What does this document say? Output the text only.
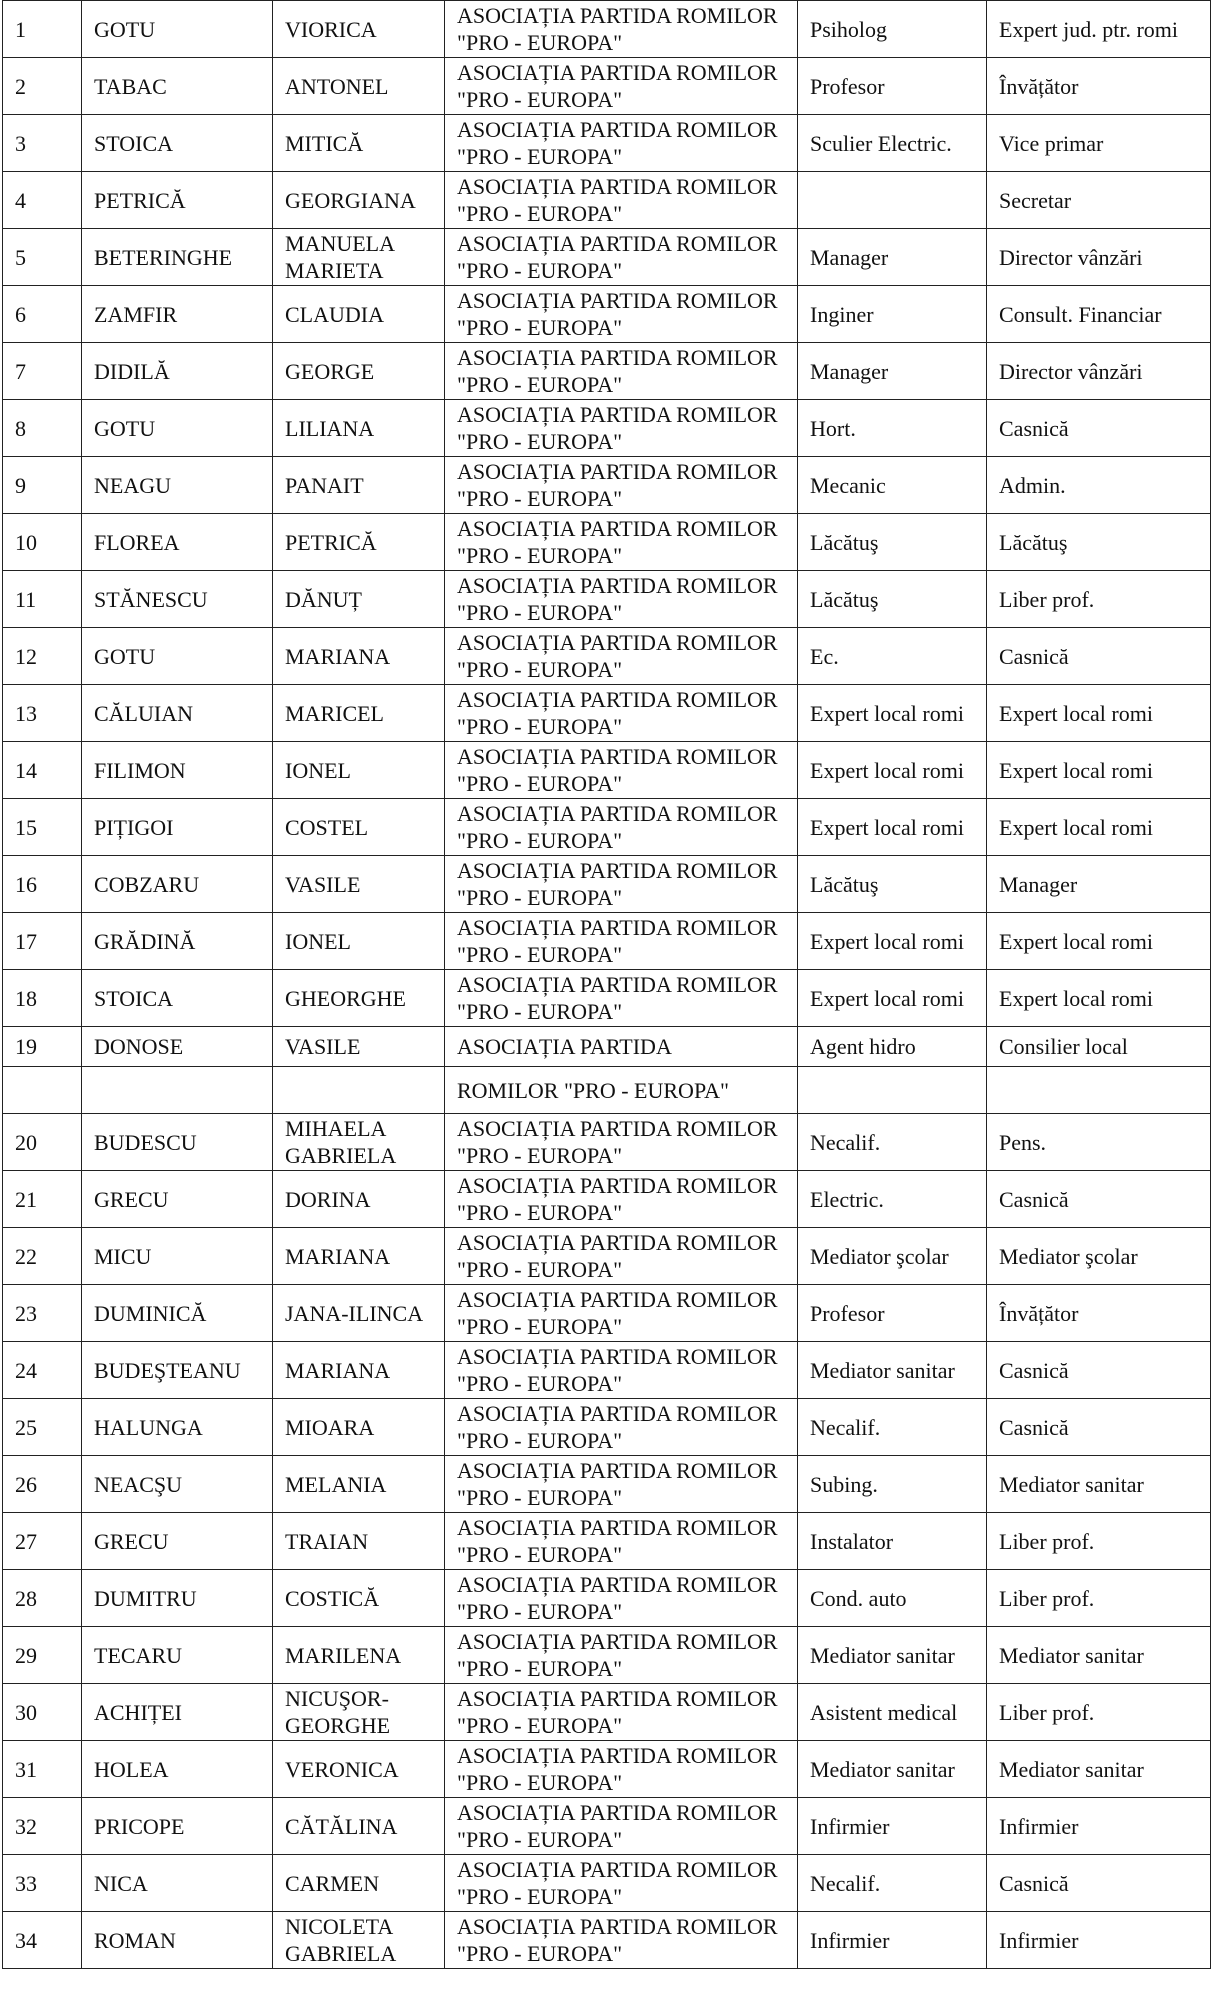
1	GOTU	VIORICA	ASOCIAȚIA PARTIDA ROMILOR "PRO - EUROPA"	Psiholog	Expert jud. ptr. romi
2	TABAC	ANTONEL	ASOCIAȚIA PARTIDA ROMILOR "PRO - EUROPA"	Profesor	Învățător
3	STOICA	MITICĂ	ASOCIAȚIA PARTIDA ROMILOR "PRO - EUROPA"	Sculier Electric.	Vice primar
4	PETRICĂ	GEORGIANA	ASOCIAȚIA PARTIDA ROMILOR "PRO - EUROPA"		Secretar
5	BETERINGHE	MANUELA MARIETA	ASOCIAȚIA PARTIDA ROMILOR "PRO - EUROPA"	Manager	Director vânzări
6	ZAMFIR	CLAUDIA	ASOCIAȚIA PARTIDA ROMILOR "PRO - EUROPA"	Inginer	Consult. Financiar
7	DIDILĂ	GEORGE	ASOCIAȚIA PARTIDA ROMILOR "PRO - EUROPA"	Manager	Director vânzări
8	GOTU	LILIANA	ASOCIAȚIA PARTIDA ROMILOR "PRO - EUROPA"	Hort.	Casnică
9	NEAGU	PANAIT	ASOCIAȚIA PARTIDA ROMILOR "PRO - EUROPA"	Mecanic	Admin.
10	FLOREA	PETRICĂ	ASOCIAȚIA PARTIDA ROMILOR "PRO - EUROPA"	Lăcătuş	Lăcătuş
11	STĂNESCU	DĂNUȚ	ASOCIAȚIA PARTIDA ROMILOR "PRO - EUROPA"	Lăcătuş	Liber prof.
12	GOTU	MARIANA	ASOCIAȚIA PARTIDA ROMILOR "PRO - EUROPA"	Ec.	Casnică
13	CĂLUIAN	MARICEL	ASOCIAȚIA PARTIDA ROMILOR "PRO - EUROPA"	Expert local romi	Expert local romi
14	FILIMON	IONEL	ASOCIAȚIA PARTIDA ROMILOR "PRO - EUROPA"	Expert local romi	Expert local romi
15	PIȚIGOI	COSTEL	ASOCIAȚIA PARTIDA ROMILOR "PRO - EUROPA"	Expert local romi	Expert local romi
16	COBZARU	VASILE	ASOCIAȚIA PARTIDA ROMILOR "PRO - EUROPA"	Lăcătuş	Manager
17	GRĂDINĂ	IONEL	ASOCIAȚIA PARTIDA ROMILOR "PRO - EUROPA"	Expert local romi	Expert local romi
18	STOICA	GHEORGHE	ASOCIAȚIA PARTIDA ROMILOR "PRO - EUROPA"	Expert local romi	Expert local romi
19	DONOSE	VASILE	ASOCIAȚIA PARTIDA	Agent hidro	Consilier local
			ROMILOR "PRO - EUROPA"		
20	BUDESCU	MIHAELA GABRIELA	ASOCIAȚIA PARTIDA ROMILOR "PRO - EUROPA"	Necalif.	Pens.
21	GRECU	DORINA	ASOCIAȚIA PARTIDA ROMILOR "PRO - EUROPA"	Electric.	Casnică
22	MICU	MARIANA	ASOCIAȚIA PARTIDA ROMILOR "PRO - EUROPA"	Mediator şcolar	Mediator şcolar
23	DUMINICĂ	JANA-ILINCA	ASOCIAȚIA PARTIDA ROMILOR "PRO - EUROPA"	Profesor	Învățător
24	BUDEŞTEANU	MARIANA	ASOCIAȚIA PARTIDA ROMILOR "PRO - EUROPA"	Mediator sanitar	Casnică
25	HALUNGA	MIOARA	ASOCIAȚIA PARTIDA ROMILOR "PRO - EUROPA"	Necalif.	Casnică
26	NEACŞU	MELANIA	ASOCIAȚIA PARTIDA ROMILOR "PRO - EUROPA"	Subing.	Mediator sanitar
27	GRECU	TRAIAN	ASOCIAȚIA PARTIDA ROMILOR "PRO - EUROPA"	Instalator	Liber prof.
28	DUMITRU	COSTICĂ	ASOCIAȚIA PARTIDA ROMILOR "PRO - EUROPA"	Cond. auto	Liber prof.
29	TECARU	MARILENA	ASOCIAȚIA PARTIDA ROMILOR "PRO - EUROPA"	Mediator sanitar	Mediator sanitar
30	ACHIȚEI	NICUŞOR-GEORGHE	ASOCIAȚIA PARTIDA ROMILOR "PRO - EUROPA"	Asistent medical	Liber prof.
31	HOLEA	VERONICA	ASOCIAȚIA PARTIDA ROMILOR "PRO - EUROPA"	Mediator sanitar	Mediator sanitar
32	PRICOPE	CĂTĂLINA	ASOCIAȚIA PARTIDA ROMILOR "PRO - EUROPA"	Infirmier	Infirmier
33	NICA	CARMEN	ASOCIAȚIA PARTIDA ROMILOR "PRO - EUROPA"	Necalif.	Casnică
34	ROMAN	NICOLETA GABRIELA	ASOCIAȚIA PARTIDA ROMILOR "PRO - EUROPA"	Infirmier	Infirmier
